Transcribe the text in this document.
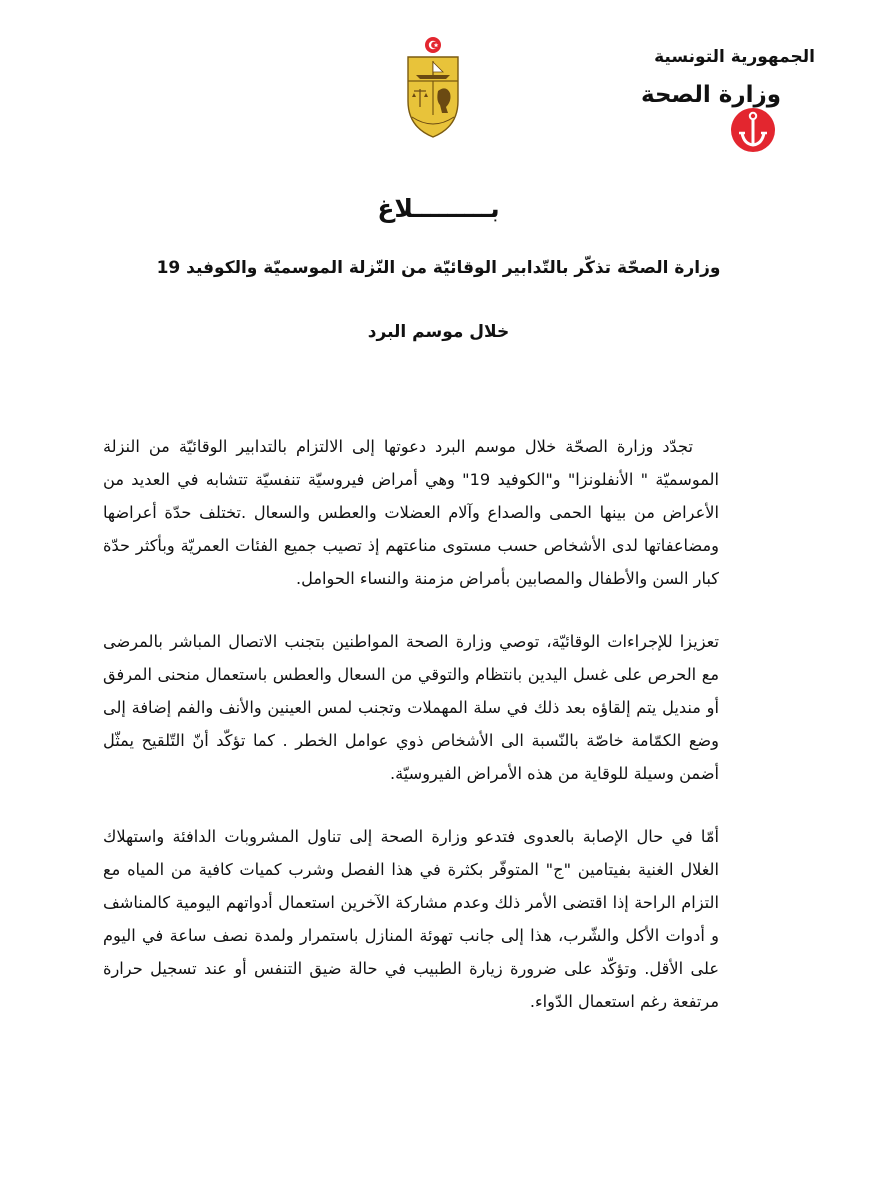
الجمهورية التونسية
وزارة الصحة
بـــــــــلاغ
وزارة الصحّة تذكّر بالتّدابير الوقائيّة من النّزلة الموسميّة والكوفيد 19
خلال موسم البرد

تجدّد وزارة الصحّة خلال موسم البرد دعوتها إلى الالتزام بالتدابير الوقائيّة من النزلة الموسميّة " الأنفلونزا" و"الكوفيد 19" وهي أمراض فيروسيّة تنفسيّة تتشابه في العديد من الأعراض من بينها الحمى والصداع وآلام العضلات والعطس والسعال .تختلف حدّة أعراضها ومضاعفاتها لدى الأشخاص حسب مستوى مناعتهم إذ تصيب جميع الفئات العمريّة وبأكثر حدّة كبار السن والأطفال والمصابين بأمراض مزمنة والنساء الحوامل.

تعزيزا للإجراءات الوقائيّة، توصي وزارة الصحة المواطنين بتجنب الاتصال المباشر بالمرضى مع الحرص على غسل اليدين بانتظام والتوقي من السعال والعطس باستعمال منحنى المرفق أو منديل يتم إلقاؤه بعد ذلك في سلة المهملات وتجنب لمس العينين والأنف والفم إضافة إلى وضع الكمّامة خاصّة بالنّسبة الى الأشخاص ذوي عوامل الخطر . كما تؤكّد أنّ التّلقيح يمثّل أضمن وسيلة للوقاية من هذه الأمراض الفيروسيّة.

أمّا في حال الإصابة بالعدوى فتدعو وزارة الصحة إلى تناول المشروبات الدافئة واستهلاك الغلال الغنية بفيتامين "ج" المتوفّر بكثرة في هذا الفصل وشرب كميات كافية من المياه مع التزام الراحة إذا اقتضى الأمر ذلك وعدم مشاركة الآخرين استعمال أدواتهم اليومية كالمناشف و أدوات الأكل والشّرب، هذا إلى جانب تهوئة المنازل باستمرار ولمدة نصف ساعة في اليوم على الأقل. وتؤكّد على ضرورة زيارة الطبيب في حالة ضيق التنفس أو عند تسجيل حرارة مرتفعة رغم استعمال الدّواء.
